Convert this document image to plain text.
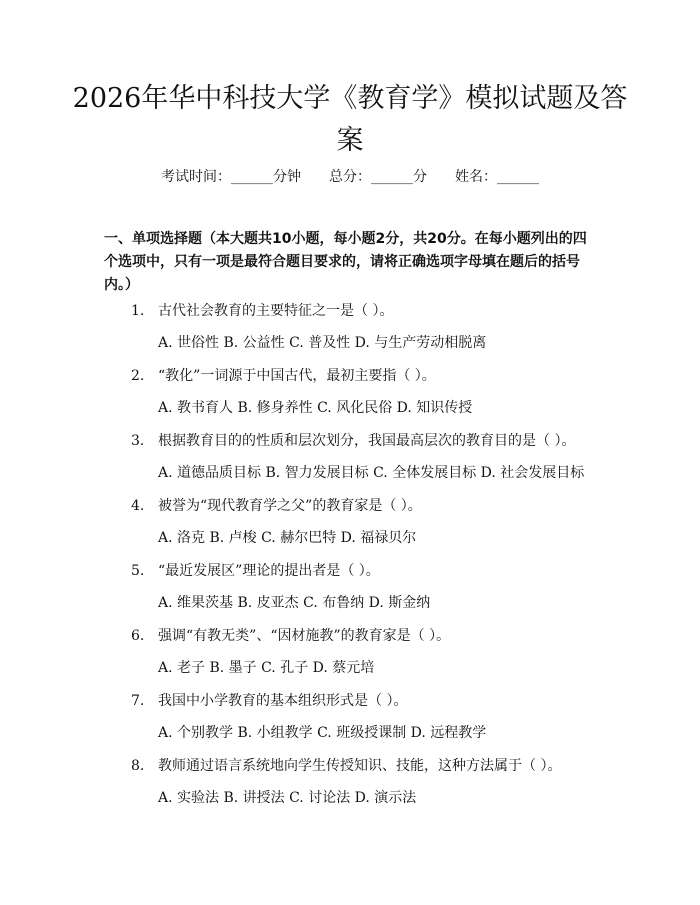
2026年华中科技大学《教育学》模拟试题及答案
考试时间：______分钟 总分：______分 姓名：______
一、单项选择题（本大题共10小题，每小题2分，共20分。在每小题列出的四个选项中，只有一项是最符合题目要求的，请将正确选项字母填在题后的括号内。）
1. 古代社会教育的主要特征之一是（ ）。
A. 世俗性 B. 公益性 C. 普及性 D. 与生产劳动相脱离
2. “教化”一词源于中国古代，最初主要指（ ）。
A. 教书育人 B. 修身养性 C. 风化民俗 D. 知识传授
3. 根据教育目的的性质和层次划分，我国最高层次的教育目的是（ ）。
A. 道德品质目标 B. 智力发展目标 C. 全体发展目标 D. 社会发展目标
4. 被誉为“现代教育学之父”的教育家是（ ）。
A. 洛克 B. 卢梭 C. 赫尔巴特 D. 福禄贝尔
5. “最近发展区”理论的提出者是（ ）。
A. 维果茨基 B. 皮亚杰 C. 布鲁纳 D. 斯金纳
6. 强调“有教无类”、“因材施教”的教育家是（ ）。
A. 老子 B. 墨子 C. 孔子 D. 蔡元培
7. 我国中小学教育的基本组织形式是（ ）。
A. 个别教学 B. 小组教学 C. 班级授课制 D. 远程教学
8. 教师通过语言系统地向学生传授知识、技能，这种方法属于（ ）。
A. 实验法 B. 讲授法 C. 讨论法 D. 演示法
